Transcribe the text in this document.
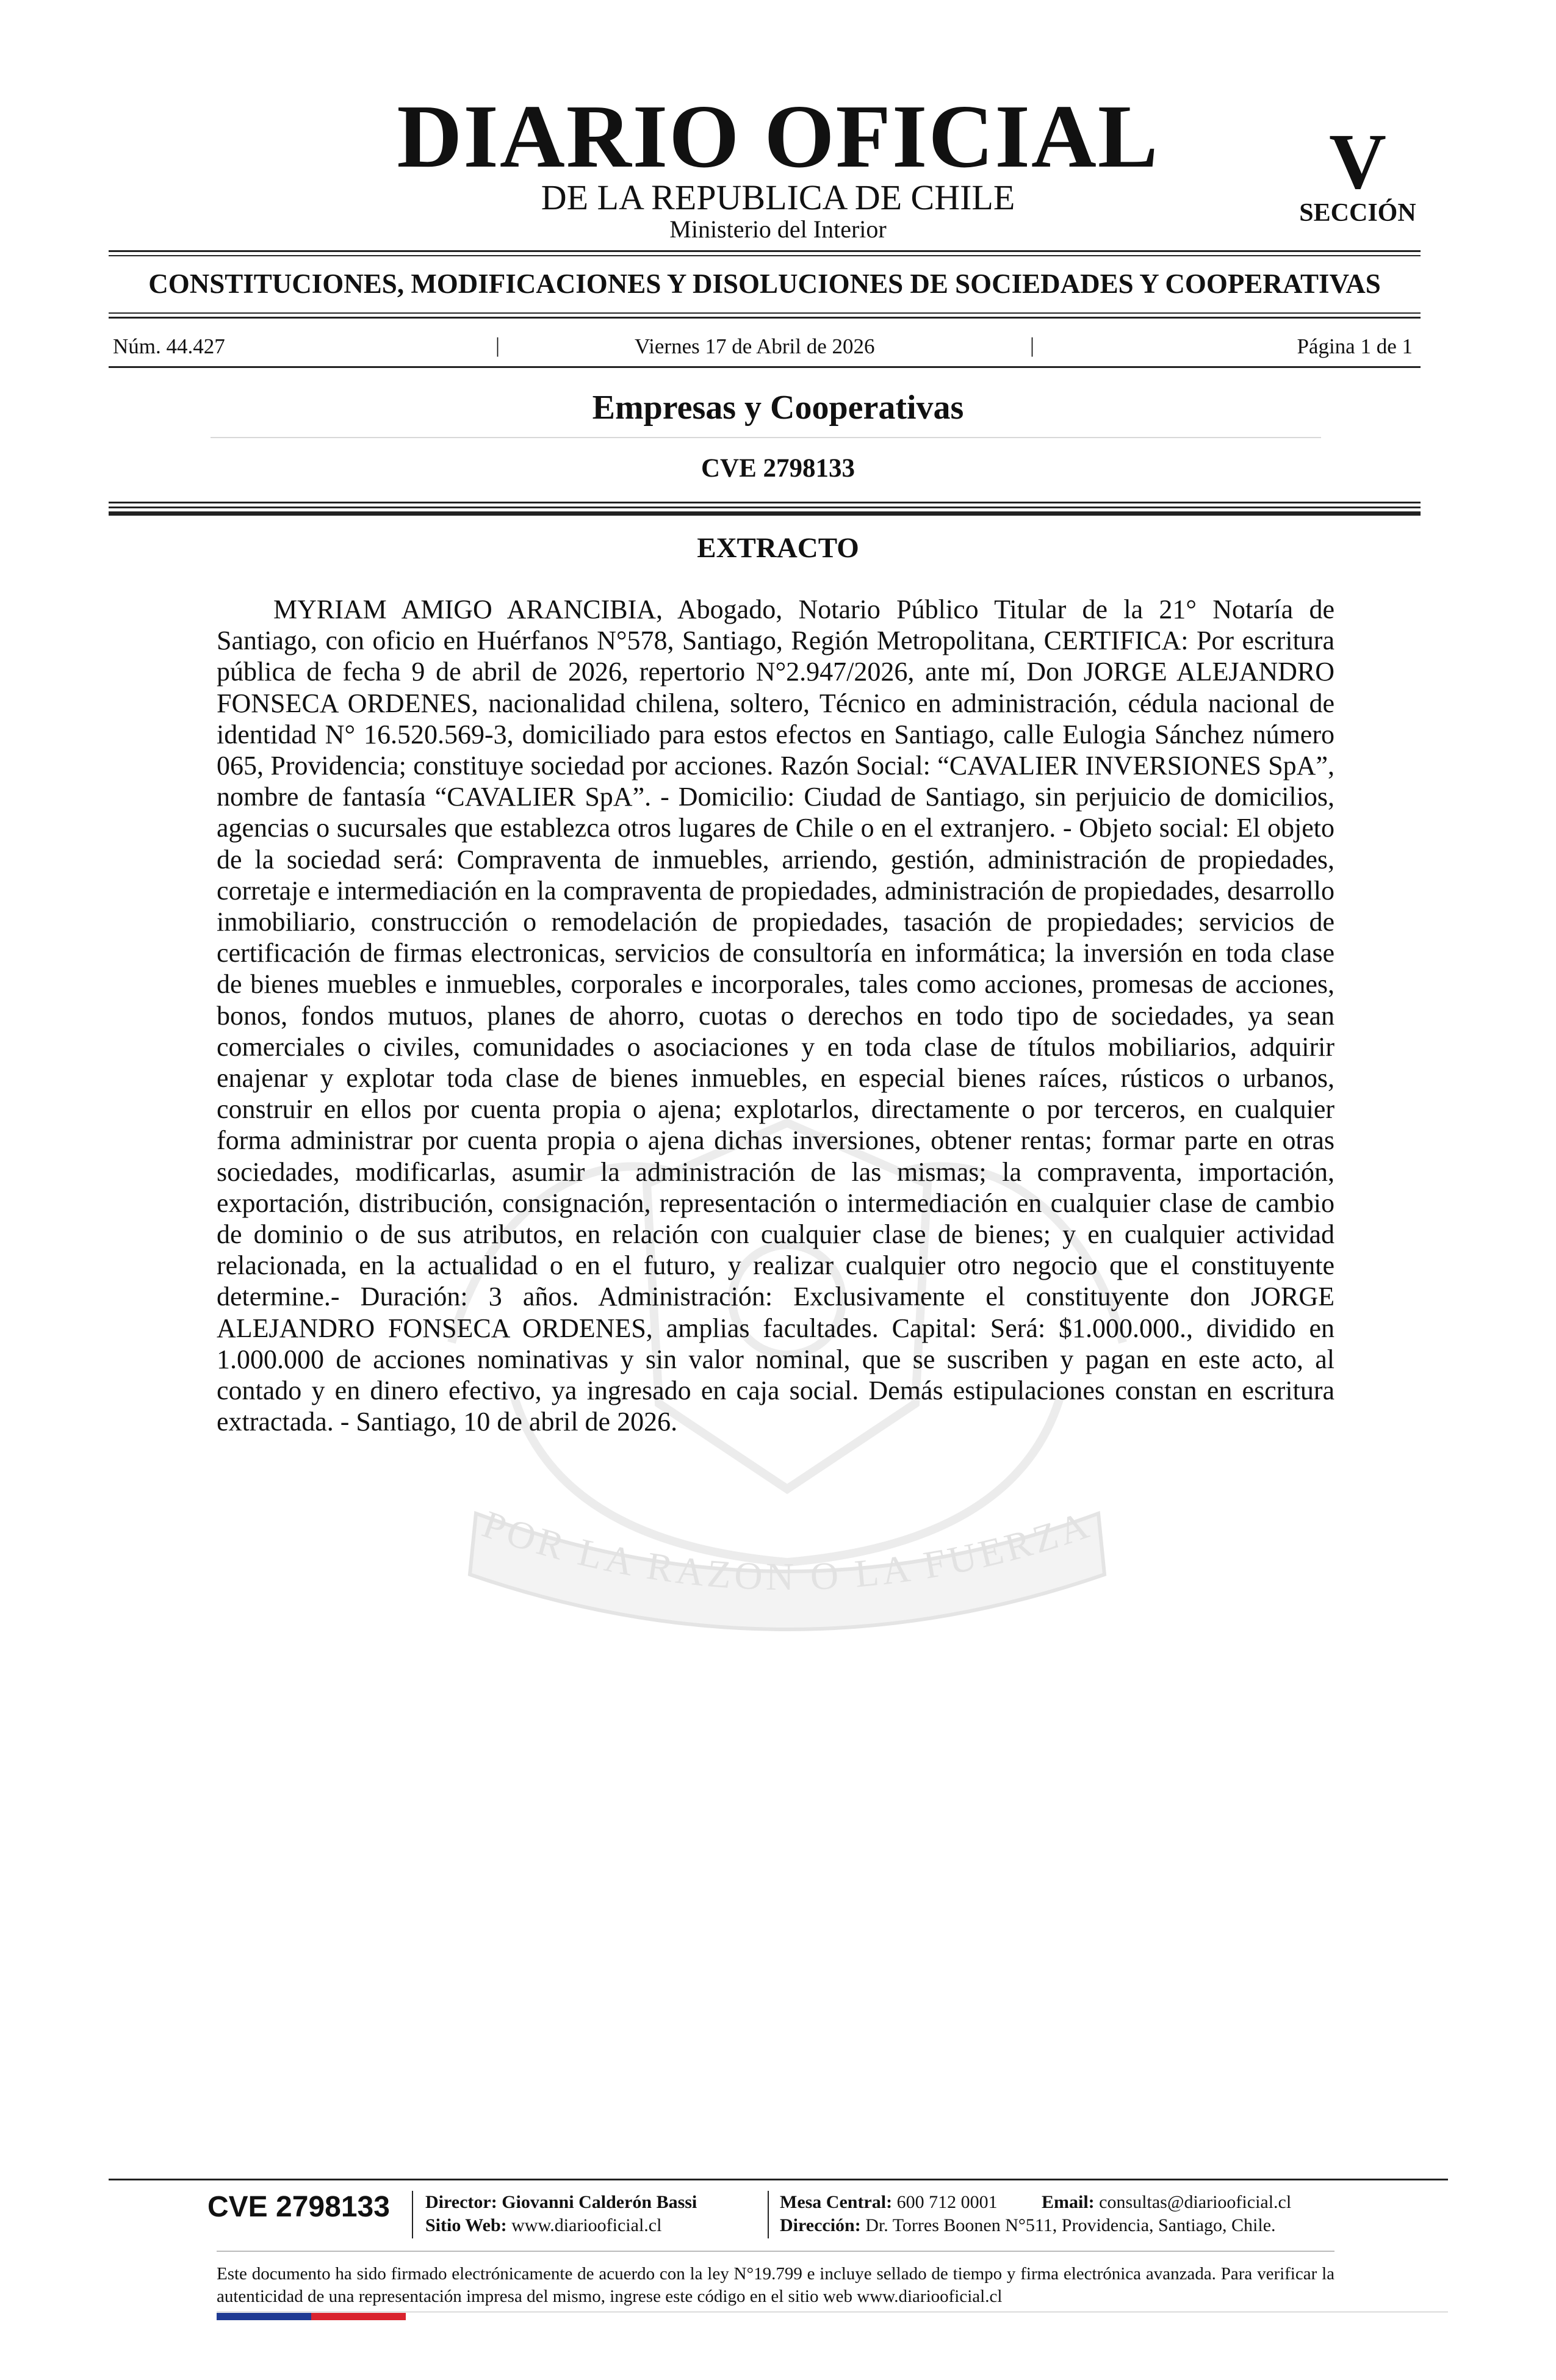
POR LA RAZON O LA FUERZA
DIARIO OFICIAL
DE LA REPUBLICA DE CHILE
Ministerio del Interior
V
SECCIÓN
CONSTITUCIONES, MODIFICACIONES Y DISOLUCIONES DE SOCIEDADES Y COOPERATIVAS
Núm. 44.427	|	Viernes 17 de Abril de 2026	|	Página 1 de 1
Empresas y Cooperativas
CVE 2798133
EXTRACTO

MYRIAM AMIGO ARANCIBIA, Abogado, Notario Público Titular de la 21° Notaría de Santiago, con oficio en Huérfanos N°578, Santiago, Región Metropolitana, CERTIFICA: Por escritura pública de fecha 9 de abril de 2026, repertorio N°2.947/2026, ante mí, Don JORGE ALEJANDRO FONSECA ORDENES, nacionalidad chilena, soltero, Técnico en administración, cédula nacional de identidad N° 16.520.569-3, domiciliado para estos efectos en Santiago, calle Eulogia Sánchez número 065, Providencia; constituye sociedad por acciones. Razón Social: “CAVALIER INVERSIONES SpA”, nombre de fantasía “CAVALIER SpA”. - Domicilio: Ciudad de Santiago, sin perjuicio de domicilios, agencias o sucursales que establezca otros lugares de Chile o en el extranjero. - Objeto social: El objeto de la sociedad será: Compraventa de inmuebles, arriendo, gestión, administración de propiedades, corretaje e intermediación en la compraventa de propiedades, administración de propiedades, desarrollo inmobiliario, construcción o remodelación de propiedades, tasación de propiedades; servicios de certificación de firmas electronicas, servicios de consultoría en informática; la inversión en toda clase de bienes muebles e inmuebles, corporales e incorporales, tales como acciones, promesas de acciones, bonos, fondos mutuos, planes de ahorro, cuotas o derechos en todo tipo de sociedades, ya sean comerciales o civiles, comunidades o asociaciones y en toda clase de títulos mobiliarios, adquirir enajenar y explotar toda clase de bienes inmuebles, en especial bienes raíces, rústicos o urbanos, construir en ellos por cuenta propia o ajena; explotarlos, directamente o por terceros, en cualquier forma administrar por cuenta propia o ajena dichas inversiones, obtener rentas; formar parte en otras sociedades, modificarlas, asumir la administración de las mismas; la compraventa, importación, exportación, distribución, consignación, representación o intermediación en cualquier clase de cambio de dominio o de sus atributos, en relación con cualquier clase de bienes; y en cualquier actividad relacionada, en la actualidad o en el futuro, y realizar cualquier otro negocio que el constituyente determine.- Duración: 3 años. Administración: Exclusivamente el constituyente don JORGE ALEJANDRO FONSECA ORDENES, amplias facultades. Capital: Será: $1.000.000., dividido en 1.000.000 de acciones nominativas y sin valor nominal, que se suscriben y pagan en este acto, al contado y en dinero efectivo, ya ingresado en caja social. Demás estipulaciones constan en escritura extractada. - Santiago, 10 de abril de 2026.

CVE 2798133 Director: Giovanni Calderón Bassi
Sitio Web: www.diariooficial.cl
Mesa Central: 600 712 0001 Email: consultas@diariooficial.cl
Dirección: Dr. Torres Boonen N°511, Providencia, Santiago, Chile.

Este documento ha sido firmado electrónicamente de acuerdo con la ley N°19.799 e incluye sellado de tiempo y firma electrónica avanzada. Para verificar la autenticidad de una representación impresa del mismo, ingrese este código en el sitio web www.diariooficial.cl
